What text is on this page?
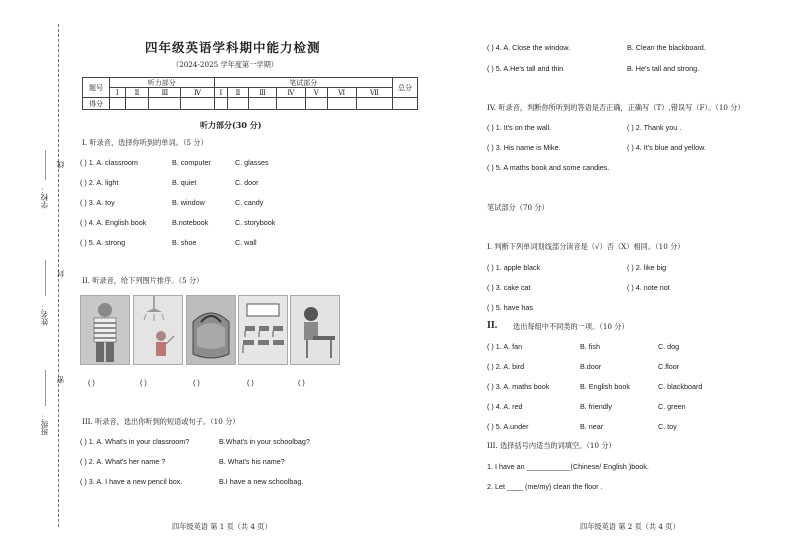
学校：
姓名：
班级：
线
封
密
四年级英语学科期中能力检测
（2024-2025 学年度第一学期）
题号	听力部分				笔试部分							总分
	Ⅰ	Ⅱ	Ⅲ	Ⅳ	Ⅰ	Ⅱ	Ⅲ	Ⅳ	Ⅴ	Ⅵ	Ⅶ	
得分												
听力部分(30 分)
I. 听录音，选择你听到的单词。（5 分）
( ) 1. A. classroom	B. computer	C. glasses
( ) 2. A. light	B. quiet	C. door
( ) 3. A. toy	B. window	C. candy
( ) 4. A. English book	B.notebook	C. storybook
( ) 5. A. strong	B. shoe	C. wall
II. 听录音，给下列图片排序。（5 分）
( )	( )	( )	( )	( )
III. 听录音，选出你听到的短语或句子。（10 分）
( ) 1. A. What's in your classroom?	B.What's in your schoolbag?
( ) 2. A. What's her name ?	B. What's his name?
( ) 3. A. I have a new pencil box.	B.I have a new schoolbag.
四年级英语 第 1 页（共 4 页）
( ) 4. A. Close the window.	B. Clean the blackboard.
( ) 5. A.He's tall and thin	B. He's tall and strong.
IV. 听录音，判断你所听到的答语是否正确，正确写（T）,错误写（F）。（10 分）
( ) 1. It's on the wall.	( ) 2. Thank you .
( ) 3. His name is Mike.	( ) 4. It's blue and yellow.
( ) 5. A maths book and some candies.
笔试部分（70 分）
I. 判断下列单词划线部分读音是（√）否（X）相同。（10 分）
( ) 1. apple black	( ) 2. like big
( ) 3. cake cat	( ) 4. note not
( ) 5. have has
II. 选出每组中不同类的一项。（10 分）
( ) 1. A. fan	B. fish	C. dog
( ) 2. A. bird	B.door	C.floor
( ) 3. A. maths book	B. English book	C. blackboard
( ) 4. A. red	B. friendly	C. green
( ) 5. A.under	B. near	C. toy
III. 选择括号内适当的词填空。（10 分）
1. I have an ___________(Chinese/ English )book.
2. Let ____ (me/my) clean the floor .
四年级英语 第 2 页（共 4 页）
